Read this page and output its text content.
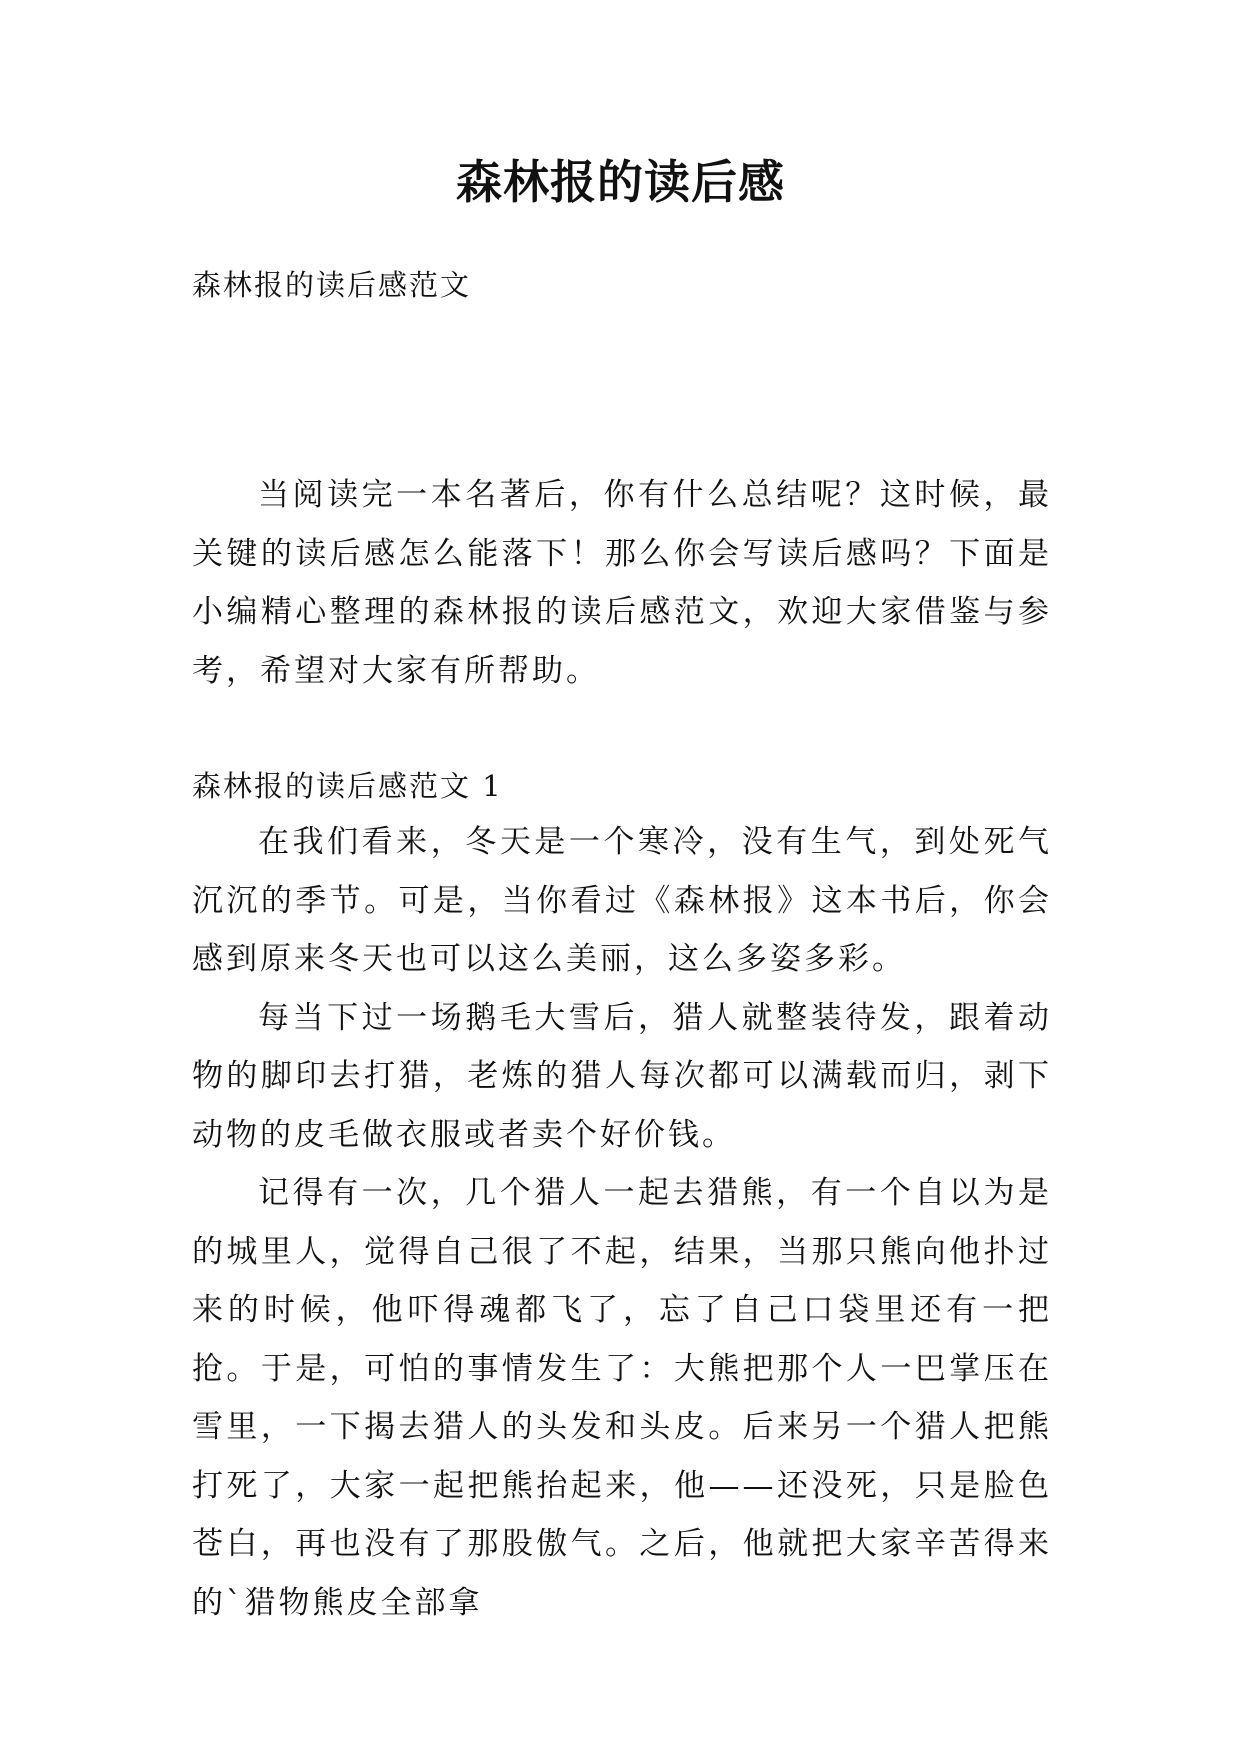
森林报的读后感

森林报的读后感范文

当阅读完一本名著后，你有什么总结呢？这时候，最关键的读后感怎么能落下！那么你会写读后感吗？下面是小编精心整理的森林报的读后感范文，欢迎大家借鉴与参考，希望对大家有所帮助。

森林报的读后感范文 1

在我们看来，冬天是一个寒冷，没有生气，到处死气沉沉的季节。可是，当你看过《森林报》这本书后，你会感到原来冬天也可以这么美丽，这么多姿多彩。

每当下过一场鹅毛大雪后，猎人就整装待发，跟着动物的脚印去打猎，老炼的猎人每次都可以满载而归，剥下动物的皮毛做衣服或者卖个好价钱。

记得有一次，几个猎人一起去猎熊，有一个自以为是的城里人，觉得自己很了不起，结果，当那只熊向他扑过来的时候，他吓得魂都飞了，忘了自己口袋里还有一把抢。于是，可怕的事情发生了：大熊把那个人一巴掌压在雪里，一下揭去猎人的头发和头皮。后来另一个猎人把熊打死了，大家一起把熊抬起来，他——还没死，只是脸色苍白，再也没有了那股傲气。之后，他就把大家辛苦得来的`猎物熊皮全部拿
